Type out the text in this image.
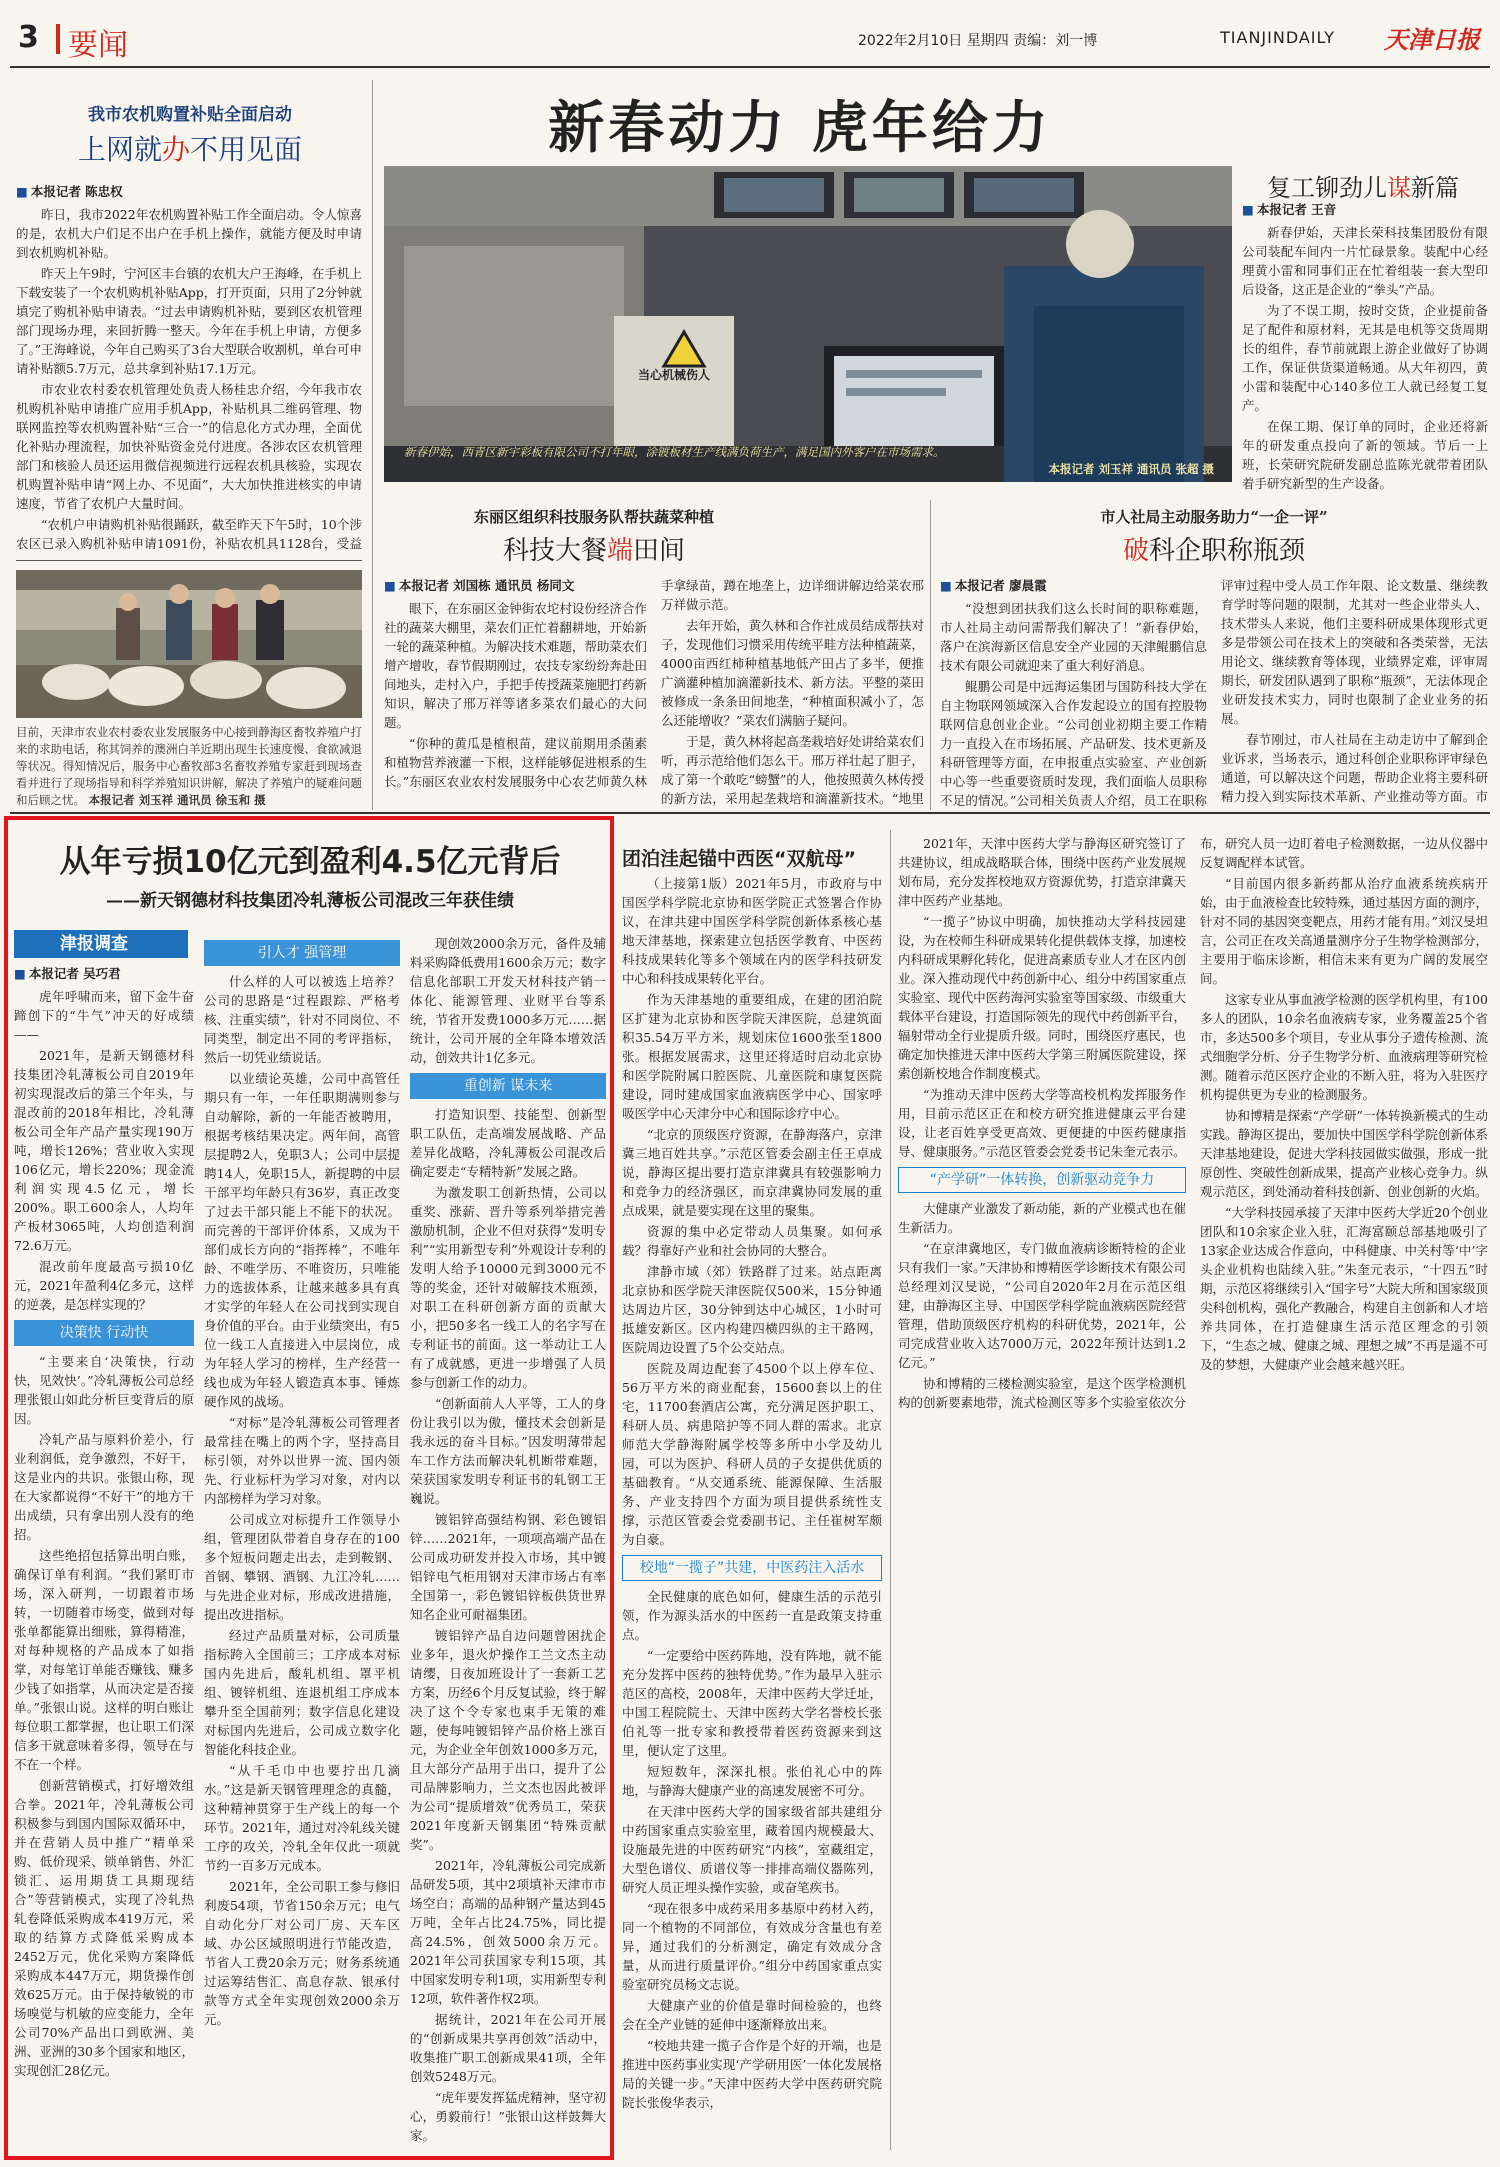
3 要闻	2022年2月10日 星期四 责编：刘一博	TIANJINDAILY 天津日报
我市农机购置补贴全面启动
上网就办不用见面
■ 本报记者 陈忠权

昨日，我市2022年农机购置补贴工作全面启动。令人惊喜的是，农机大户们足不出户在手机上操作，就能方便及时申请到农机购机补贴。

昨天上午9时，宁河区丰台镇的农机大户王海峰，在手机上下载安装了一个农机购机补贴App，打开页面，只用了2分钟就填完了购机补贴申请表。“过去申请购机补贴，要到区农机管理部门现场办理，来回折腾一整天。今年在手机上申请，方便多了。”王海峰说，今年自己购买了3台大型联合收割机，单台可申请补贴额5.7万元，总共拿到补贴17.1万元。

市农业农村委农机管理处负责人杨桂忠介绍，今年我市农机购机补贴申请推广应用手机App，补贴机具二维码管理、物联网监控等农机购置补贴“三合一”的信息化方式办理，全面优化补贴办理流程，加快补贴资金兑付进度。各涉农区农机管理部门和核验人员还运用微信视频进行远程农机具核验，实现农机购置补贴申请“网上办、不见面”，大大加快推进核实的申请速度，节省了农机户大量时间。

“农机户申请购机补贴很踊跃，截至昨天下午5时，10个涉农区已录入购机补贴申请1091份，补贴农机具1128台，受益

目前，天津市农业农村委农业发展服务中心接到静海区畜牧养殖户打来的求助电话，称其饲养的澳洲白羊近期出现生长速度慢、食欲减退等状况。得知情况后，服务中心畜牧部3名畜牧养殖专家赶到现场查看并进行了现场指导和科学养殖知识讲解，解决了养殖户的疑难问题和后顾之忧。 本报记者 刘玉祥 通讯员 徐玉和 摄
新春动力 虎年给力
当心机械伤人
新春伊始，西青区新宇彩板有限公司不打年眼，涂镀板材生产线满负荷生产，满足国内外客户在市场需求。
本报记者 刘玉祥 通讯员 张超 摄
复工铆劲儿谋新篇
■ 本报记者 王音

新春伊始，天津长荣科技集团股份有限公司装配车间内一片忙碌景象。装配中心经理黄小雷和同事们正在忙着组装一套大型印后设备，这正是企业的“拳头”产品。

为了不误工期，按时交货，企业提前备足了配件和原材料，无其是电机等交货周期长的组件，春节前就跟上游企业做好了协调工作，保证供货渠道畅通。从大年初四，黄小雷和装配中心140多位工人就已经复工复产。

在保工期、保订单的同时，企业还将新年的研发重点投向了新的领域。节后一上班，长荣研究院研发副总监陈光就带着团队着手研究新型的生产设备。

东丽区组织科技服务队帮扶蔬菜种植
科技大餐端田间
■ 本报记者 刘国栋 通讯员 杨同文

眼下，在东丽区金钟街农坨村设份经济合作社的蔬菜大棚里，菜农们正忙着翻耕地，开始新一轮的蔬菜种植。为解决技术难题，帮助菜农们增产增收，春节假期刚过，农技专家纷纷奔赴田间地头，走村入户，手把手传授蔬菜施肥打药新知识，解决了邢万祥等诸多菜农们最心的大问题。

“你种的黄瓜是植根苗，建议前期用杀菌素和植物营养液灌一下根，这样能够促进根系的生长。”东丽区农业农村发展服务中心农艺师黄久林手拿绿苗，蹲在地垄上，边详细讲解边给菜农邢万祥做示范。

去年开始，黄久林和合作社成员结成帮扶对子，发现他们习惯采用传统平畦方法种植蔬菜，4000亩西红柿种植基地低产田占了多半，便推广滴灌种植加滴灌新技术、新方法。平整的菜田被修成一条条田间地垄，“种植面积减小了，怎么还能增收？”菜农们满脑子疑问。

于是，黄久林将起高垄栽培好处讲给菜农们听，再示范给他们怎么干。邢万祥壮起了胆子，成了第一个敢吃“螃蟹”的人，他按照黄久林传授的新方法，采用起垄栽培和滴灌新技术。“地里

市人社局主动服务助力“一企一评”
破科企职称瓶颈
■ 本报记者 廖晨霞

“没想到团扶我们这么长时间的职称难题，市人社局主动问需帮我们解决了！”新春伊始，落户在滨海新区信息安全产业园的天津鲲鹏信息技术有限公司就迎来了重大利好消息。

鲲鹏公司是中远海运集团与国防科技大学在自主物联网领域深入合作发起设立的国有控股物联网信息创业企业。“公司创业初期主要工作精力一直投入在市场拓展、产品研发、技术更新及科研管理等方面，在申报重点实验室、产业创新中心等一些重要资质时发现，我们面临人员职称不足的情况。”公司相关负责人介绍，员工在职称评审过程中受人员工作年限、论文数量、继续教育学时等问题的限制，尤其对一些企业带头人、技术带头人来说，他们主要科研成果体现形式更多是带领公司在技术上的突破和各类荣誉，无法用论文、继续教育等体现，业绩界定难，评审周期长，研发团队遇到了职称“瓶颈”，无法体现企业研发技术实力，同时也限制了企业业务的拓展。

春节刚过，市人社局在主动走访中了解到企业诉求，当场表示，通过科创企业职称评审绿色通道，可以解决这个问题，帮助企业将主要科研精力投入到实际技术革新、产业推动等方面。市

从年亏损10亿元到盈利4.5亿元背后
——新天钢德材科技集团冷轧薄板公司混改三年获佳绩
津报调查
■ 本报记者 吴巧君

虎年呼啸而来，留下金牛奋蹄创下的“牛气”冲天的好成绩——

2021年，是新天钢德材科技集团冷轧薄板公司自2019年初实现混改后的第三个年头，与混改前的2018年相比，冷轧薄板公司全年产品产量实现190万吨，增长126%；营业收入实现106亿元，增长220%；现金流利润实现4.5亿元，增长200%。职工600余人，人均年产板材3065吨，人均创造利润72.6万元。

混改前年度最高亏损10亿元，2021年盈利4亿多元，这样的逆袭，是怎样实现的？

决策快 行动快

“主要来自‘决策快，行动快，见效快’。”冷轧薄板公司总经理张银山如此分析巨变背后的原因。

冷轧产品与原料价差小，行业利润低，竞争激烈，不好干，这是业内的共识。张银山称，现在大家都说得“不好干”的地方干出成绩，只有拿出别人没有的绝招。

这些绝招包括算出明白账，确保订单有利润。“我们紧盯市场，深入研判，一切跟着市场转，一切随着市场变，做到对每张单都能算出细账，算得精准，对每种规格的产品成本了如指掌，对每笔订单能否赚钱、赚多少钱了如指掌，从而决定是否接单。”张银山说。这样的明白账让每位职工都掌握，也让职工们深信多干就意味着多得，领导在与不在一个样。

创新营销模式，打好增效组合拳。2021年，冷轧薄板公司积极参与到国内国际双循环中，并在营销人员中推广“精单采购、低价现采、锁单销售、外汇锁汇、运用期货工具期现结合”等营销模式，实现了冷轧热轧卷降低采购成本419万元，采取的结算方式降低采购成本2452万元，优化采购方案降低采购成本447万元，期货操作创效625万元。由于保持敏锐的市场嗅觉与机敏的应变能力，全年公司70%产品出口到欧洲、美洲、亚洲的30多个国家和地区，实现创汇28亿元。

引人才 强管理

什么样的人可以被选上培养？公司的思路是“过程跟踪、严格考核、注重实绩”，针对不同岗位、不同类型，制定出不同的考评指标，然后一切凭业绩说话。

以业绩论英雄，公司中高管任期只有一年，一年任职期满则参与自动解除，新的一年能否被聘用，根据考核结果决定。两年间，高管层提聘2人，免职3人；公司中层提聘14人，免职15人，新提聘的中层干部平均年龄只有36岁，真正改变了过去干部只能上不能下的状况。而完善的干部评价体系，又成为干部们成长方向的“指挥棒”，不唯年龄、不唯学历、不唯资历，只唯能力的选拔体系，让越来越多具有真才实学的年轻人在公司找到实现自身价值的平台。由于业绩突出，有5位一线工人直接进入中层岗位，成为年轻人学习的榜样，生产经营一线也成为年轻人锻造真本事、锤炼硬作风的战场。

“对标”是冷轧薄板公司管理者最常挂在嘴上的两个字，坚持高目标引领，对外以世界一流、国内领先、行业标杆为学习对象，对内以内部榜样为学习对象。

公司成立对标提升工作领导小组，管理团队带着自身存在的100多个短板问题走出去，走到鞍钢、首钢、攀钢、酒钢、九江冷轧……与先进企业对标，形成改进措施，提出改进指标。

经过产品质量对标，公司质量指标跨入全国前三；工序成本对标国内先进后，酸轧机组、罩平机组、镀锌机组、连退机组工序成本攀升至全国前列；数字信息化建设对标国内先进后，公司成立数字化智能化科技企业。

“从千毛巾中也要拧出几滴水。”这是新天钢管理理念的真髓，这种精神贯穿于生产线上的每一个环节。2021年，通过对冷轧线关键工序的攻关，冷轧全年仅此一项就节约一百多万元成本。

2021年，全公司职工参与修旧利废54项，节省150余万元；电气自动化分厂对公司厂房、天车区域、办公区域照明进行节能改造，节省人工费20余万元；财务系统通过运筹结售汇、高息存款、银承付款等方式全年实现创效2000余万元。

现创效2000余万元，备件及辅料采购降低费用1600余万元；数字信息化部职工开发天材科技产销一体化、能源管理、业财平台等系统，节省开发费1000多万元……据统计，公司开展的全年降本增效活动，创效共计1亿多元。

重创新 谋未来

打造知识型、技能型、创新型职工队伍，走高端发展战略、产品差异化战略，冷轧薄板公司混改后确定要走“专精特新”发展之路。

为激发职工创新热情，公司以重奖、涨薪、晋升等系列举措完善激励机制，企业不但对获得“发明专利”“实用新型专利”外观设计专利的发明人给予10000元到3000元不等的奖金，还针对破解技术瓶颈，对职工在科研创新方面的贡献大小，把50多名一线工人的名字写在专利证书的前面。这一举动让工人有了成就感，更进一步增强了人员参与创新工作的动力。

“创新面前人人平等，工人的身份让我引以为傲，懂技术会创新是我永远的奋斗目标。”因发明薄带起车工作方法而解决轧机断带难题，荣获国家发明专利证书的轧钢工王巍说。

镀铝锌高强结构钢、彩色镀铝锌……2021年，一项项高端产品在公司成功研发并投入市场，其中镀铝锌电气柜用钢对天津市场占有率全国第一，彩色镀铝锌板供货世界知名企业可耐福集团。

镀铝锌产品自边问题曾困扰企业多年，退火炉操作工兰文杰主动请缨，日夜加班设计了一套新工艺方案，历经6个月反复试验，终于解决了这个令专家也束手无策的难题，使每吨镀铝锌产品价格上涨百元，为企业全年创效1000多万元，且大部分产品用于出口，提升了公司品牌影响力，兰文杰也因此被评为公司“提质增效”优秀员工，荣获2021年度新天钢集团“特殊贡献奖”。

2021年，冷轧薄板公司完成新品研发5项，其中2项填补天津市市场空白；高端的品种钢产量达到45万吨，全年占比24.75%，同比提高24.5%，创效5000余万元。2021年公司获国家专利15项，其中国家发明专利1项，实用新型专利12项，软件著作权2项。

据统计，2021年在公司开展的“创新成果共享再创效”活动中，收集推广职工创新成果41项，全年创效5248万元。

“虎年要发挥猛虎精神，坚守初心，勇毅前行！”张银山这样鼓舞大家。

团泊洼起锚中西医“双航母”

（上接第1版）2021年5月，市政府与中国医学科学院北京协和医学院正式签署合作协议，在津共建中国医学科学院创新体系核心基地天津基地，探索建立包括医学教育、中医药科技成果转化等多个领域在内的医学科技研发中心和科技成果转化平台。

作为天津基地的重要组成，在建的团泊院区扩建为北京协和医学院天津医院，总建筑面积35.54万平方米，规划床位1600张至1800张。根据发展需求，这里还将适时启动北京协和医学院附属口腔医院、儿童医院和康复医院建设，同时建成国家血液病医学中心、国家呼吸医学中心天津分中心和国际诊疗中心。

“北京的顶级医疗资源，在静海落户，京津冀三地百姓共享。”示范区管委会副主任王卓成说，静海区提出要打造京津冀具有较强影响力和竞争力的经济强区，而京津冀协同发展的重点成果，就是要实现在这里的聚集。

资源的集中必定带动人员集聚。如何承载？得靠好产业和社会协同的大整合。

津静市域（郊）铁路群了过来。站点距离北京协和医学院天津医院仅500米，15分钟通达周边片区，30分钟到达中心城区，1小时可抵雄安新区。区内构建四横四纵的主干路网，医院周边设置了5个公交站点。

医院及周边配套了4500个以上停车位、56万平方米的商业配套，15600套以上的住宅，11700套酒店公寓，充分满足医护职工、科研人员、病患陪护等不同人群的需求。北京师范大学静海附属学校等多所中小学及幼儿园，可以为医护、科研人员的子女提供优质的基础教育。“从交通系统、能源保障、生活服务、产业支持四个方面为项目提供系统性支撑，示范区管委会党委副书记、主任崔树军颇为自豪。

校地“一揽子”共建，中医药注入活水

全民健康的底色如何，健康生活的示范引领，作为源头活水的中医药一直是政策支持重点。

“一定要给中医药阵地，没有阵地，就不能充分发挥中医药的独特优势。”作为最早入驻示范区的高校，2008年，天津中医药大学迁址，中国工程院院士、天津中医药大学名誉校长张伯礼等一批专家和教授带着医药资源来到这里，便认定了这里。

短短数年，深深扎根。张伯礼心中的阵地，与静海大健康产业的高速发展密不可分。

在天津中医药大学的国家级省部共建组分中药国家重点实验室里，藏着国内规模最大、设施最先进的中医药研究“内核”，室藏组定，大型色谱仪、质谱仪等一排排高端仪器陈列，研究人员正埋头操作实验，或奋笔疾书。

“现在很多中成药采用多基原中药材入药，同一个植物的不同部位，有效成分含量也有差异，通过我们的分析测定，确定有效成分含量，从而进行质量评价。”组分中药国家重点实验室研究员杨文志说。

大健康产业的价值是靠时间检验的，也终会在全产业链的延伸中逐渐释放出来。

“校地共建一揽子合作是个好的开端，也是推进中医药事业实现‘产学研用医’一体化发展格局的关键一步。”天津中医药大学中医药研究院院长张俊华表示，

2021年，天津中医药大学与静海区研究签订了共建协议，组成战略联合体，围绕中医药产业发展规划布局，充分发挥校地双方资源优势，打造京津冀天津中医药产业基地。

“一揽子”协议中明确，加快推动大学科技园建设，为在校师生科研成果转化提供载体支撑，加速校内科研成果孵化转化，促进高素质专业人才在区内创业。深入推动现代中药创新中心、组分中药国家重点实验室、现代中医药海河实验室等国家级、市级重大载体平台建设，打造国际领先的现代中药创新平台，辐射带动全行业提质升级。同时，围绕医疗惠民，也确定加快推进天津中医药大学第三附属医院建设，探索创新校地合作制度模式。

“为推动天津中医药大学等高校机构发挥服务作用，目前示范区正在和校方研究推进健康云平台建设，让老百姓享受更高效、更便捷的中医药健康指导、健康服务。”示范区管委会党委书记朱奎元表示。

“产学研”一体转换，创新驱动竞争力

大健康产业激发了新动能，新的产业模式也在催生新活力。

“在京津冀地区，专门做血液病诊断特检的企业只有我们一家。”天津协和博精医学诊断技术有限公司总经理刘汉旻说，“公司自2020年2月在示范区组建，由静海区主导、中国医学科学院血液病医院经营管理，借助顶级医疗机构的科研优势，2021年，公司完成营业收入达7000万元，2022年预计达到1.2亿元。”

协和博精的三楼检测实验室，是这个医学检测机构的创新要素地带，流式检测区等多个实验室依次分布，研究人员一边盯着电子检测数据，一边从仪器中反复调配样本试管。

“目前国内很多新药都从治疗血液系统疾病开始，由于血液检查比较特殊，通过基因方面的测序，针对不同的基因突变靶点，用药才能有用。”刘汉旻坦言，公司正在攻关高通量测序分子生物学检测部分，主要用于临床诊断，相信未来有更为广阔的发展空间。

这家专业从事血液学检测的医学机构里，有100多人的团队，10余名血液病专家，业务覆盖25个省市，多达500多个项目，专业从事分子遗传检测、流式细胞学分析、分子生物学分析、血液病理等研究检测。随着示范区医疗企业的不断入驻，将为入驻医疗机构提供更为专业的检测服务。

协和博精是探索“产学研”一体转换新模式的生动实践。静海区提出，要加快中国医学科学院创新体系天津基地建设，促进大学科技园做实做强，形成一批原创性、突破性创新成果，提高产业核心竞争力。纵观示范区，到处涌动着科技创新、创业创新的火焰。

“大学科技园承接了天津中医药大学近20个创业团队和10余家企业入驻，汇海富颐总部基地吸引了13家企业达成合作意向，中科健康、中关村等‘中’字头企业机构也陆续入驻。”朱奎元表示，“十四五”时期，示范区将继续引入“国字号”大院大所和国家级顶尖科创机构，强化产教融合，构建自主创新和人才培养共同体，在打造健康生活示范区理念的引领下，“生态之城、健康之城、理想之城”不再是遥不可及的梦想，大健康产业会越来越兴旺。
